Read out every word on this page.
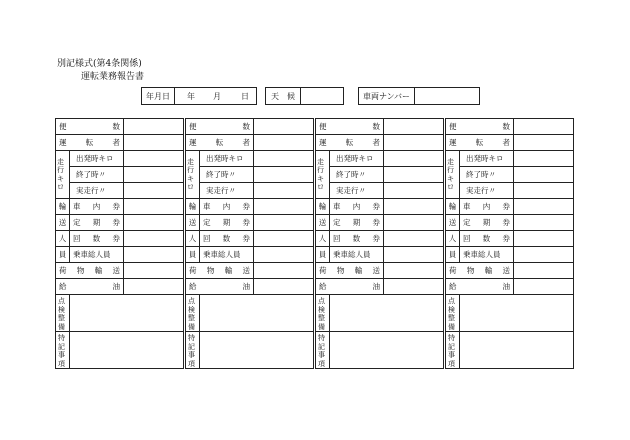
別記様式(第4条関係)
運転業務報告書
年月日	年 月	日	天　候		車両ナンバー	
便 数				便 数				便 数				便 数		

運 転 者				運 転 者				運 転 者				運 転 者		

走行キロ	出発時キロ			走行キロ	出発時キロ			走行キロ	出発時キロ			走行キロ	出発時キロ	

	終了時〃				終了時〃				終了時〃				終了時〃	

	実走行〃				実走行〃				実走行〃				実走行〃	

輪	車 内 券			輪	車 内 券			輪	車 内 券			輪	車 内 券	

送	定 期 券			送	定 期 券			送	定 期 券			送	定 期 券	

人	回 数 券			人	回 数 券			人	回 数 券			人	回 数 券	

員	乗車総人員			員	乗車総人員			員	乗車総人員			員	乗車総人員	

荷 物 輸 送				荷 物 輸 送				荷 物 輸 送				荷 物 輸 送		

給 油				給 油				給 油				給 油		

点検整備				点検整備				点検整備				点検整備		

特記事項				特記事項				特記事項				特記事項		
